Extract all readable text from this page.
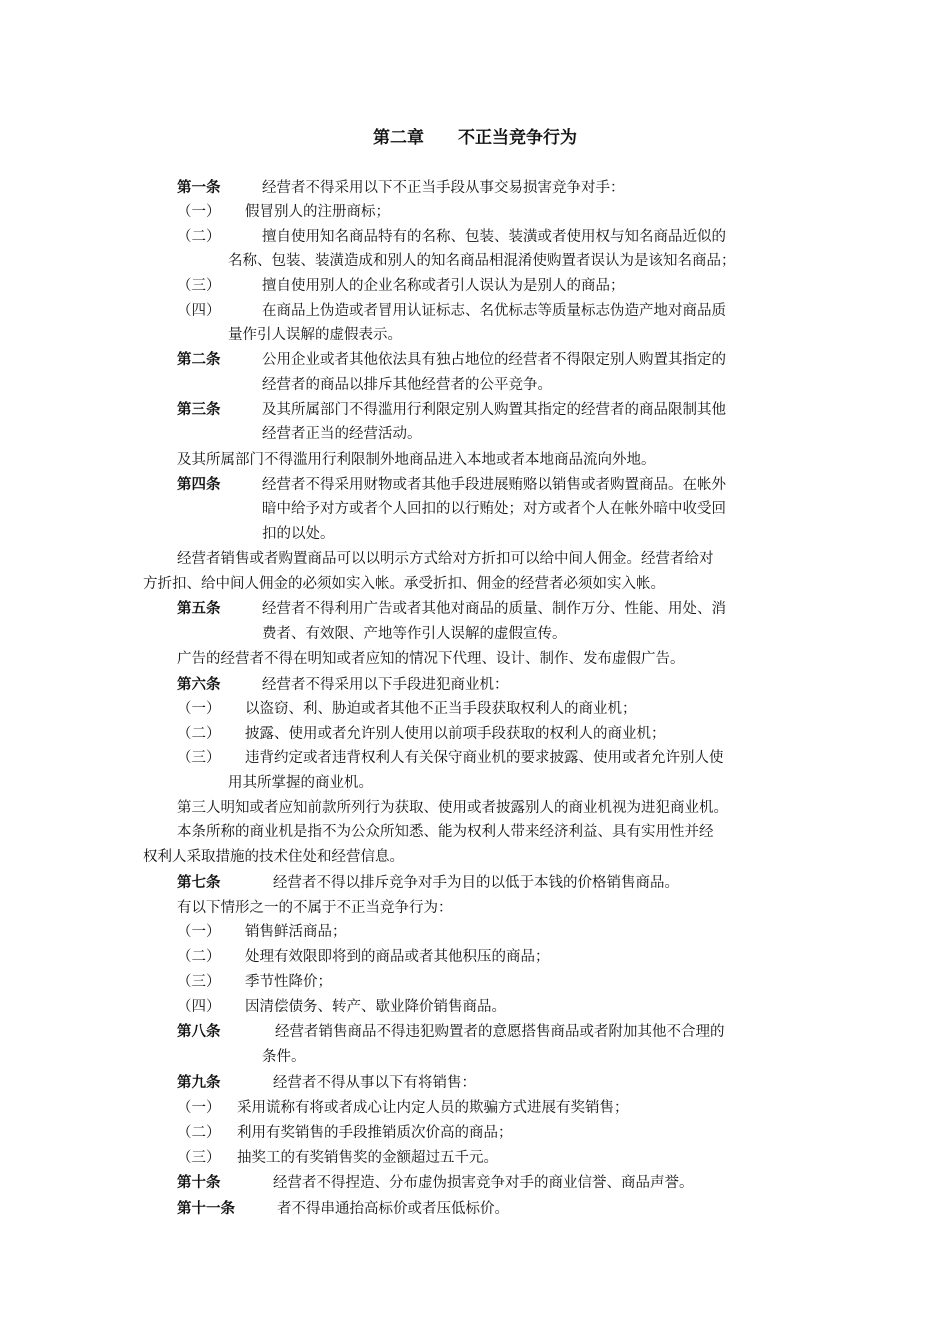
第二章　　不正当竞争行为
第一条	经营者不得采用以下不正当手段从事交易损害竞争对手：
（一） 假冒别人的注册商标；
（二）	擅自使用知名商品特有的名称、包装、装潢或者使用权与知名商品近似的
名称、包装、装潢造成和别人的知名商品相混淆使购置者误认为是该知名商品；
（三）	擅自使用别人的企业名称或者引人误认为是别人的商品；
（四）	在商品上伪造或者冒用认证标志、名优标志等质量标志伪造产地对商品质
量作引人误解的虚假表示。
第二条	公用企业或者其他依法具有独占地位的经营者不得限定别人购置其指定的
经营者的商品以排斥其他经营者的公平竞争。
第三条	及其所属部门不得滥用行利限定别人购置其指定的经营者的商品限制其他
经营者正当的经营活动。
及其所属部门不得滥用行利限制外地商品进入本地或者本地商品流向外地。
第四条	经营者不得采用财物或者其他手段进展贿赂以销售或者购置商品。在帐外
暗中给予对方或者个人回扣的以行贿处；对方或者个人在帐外暗中收受回
扣的以处。
经营者销售或者购置商品可以以明示方式给对方折扣可以给中间人佣金。经营者给对
方折扣、给中间人佣金的必须如实入帐。承受折扣、佣金的经营者必须如实入帐。
第五条	经营者不得利用广告或者其他对商品的质量、制作万分、性能、用处、消
费者、有效限、产地等作引人误解的虚假宣传。
广告的经营者不得在明知或者应知的情况下代理、设计、制作、发布虚假广告。
第六条	经营者不得采用以下手段进犯商业机：
（一） 以盗窃、利、胁迫或者其他不正当手段获取权利人的商业机；
（二） 披露、使用或者允许别人使用以前项手段获取的权利人的商业机；
（三） 违背约定或者违背权利人有关保守商业机的要求披露、使用或者允许别人使
用其所掌握的商业机。
第三人明知或者应知前款所列行为获取、使用或者披露别人的商业机视为进犯商业机。
本条所称的商业机是指不为公众所知悉、能为权利人带来经济利益、具有实用性并经
权利人采取措施的技术住处和经营信息。
第七条	经营者不得以排斥竞争对手为目的以低于本钱的价格销售商品。
有以下情形之一的不属于不正当竞争行为：
（一） 销售鲜活商品；
（二） 处理有效限即将到的商品或者其他积压的商品；
（三） 季节性降价；
（四） 因清偿债务、转产、歇业降价销售商品。
第八条	经营者销售商品不得违犯购置者的意愿搭售商品或者附加其他不合理的
条件。
第九条	经营者不得从事以下有将销售：
（一） 采用谎称有将或者成心让内定人员的欺骗方式进展有奖销售；
（二） 利用有奖销售的手段推销质次价高的商品；
（三） 抽奖工的有奖销售奖的金额超过五千元。
第十条	经营者不得捏造、分布虚伪损害竞争对手的商业信誉、商品声誉。
第十一条	者不得串通抬高标价或者压低标价。
